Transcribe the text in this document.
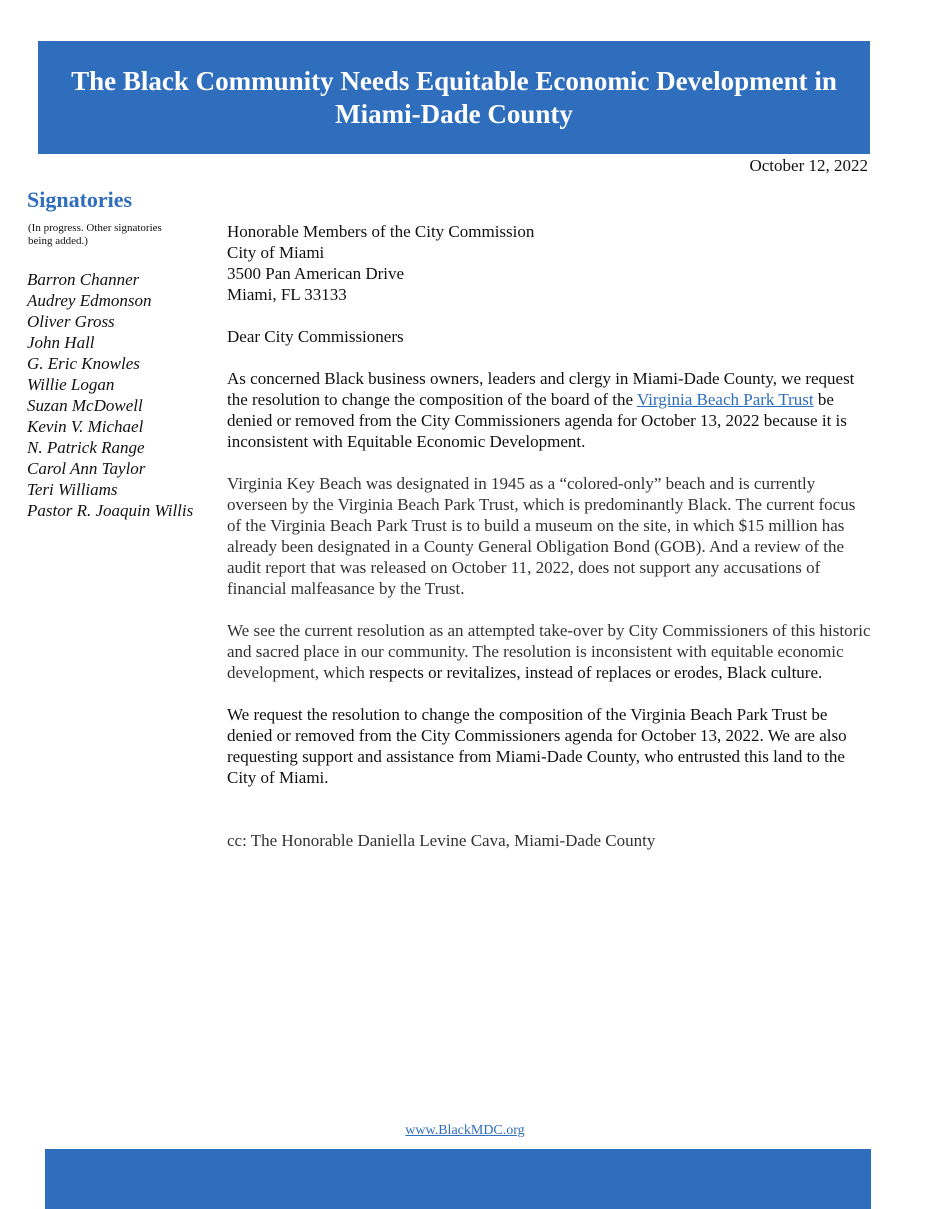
The Black Community Needs Equitable Economic Development in
Miami-Dade County
October 12, 2022
Signatories
(In progress. Other signatories
being added.)
Barron Channer
Audrey Edmonson
Oliver Gross
John Hall
G. Eric Knowles
Willie Logan
Suzan McDowell
Kevin V. Michael
N. Patrick Range
Carol Ann Taylor
Teri Williams
Pastor R. Joaquin Willis
Honorable Members of the City Commission
City of Miami
3500 Pan American Drive
Miami, FL 33133

Dear City Commissioners

As concerned Black business owners, leaders and clergy in Miami-Dade County, we request the resolution to change the composition of the board of the Virginia Beach Park Trust be denied or removed from the City Commissioners agenda for October 13, 2022 because it is inconsistent with Equitable Economic Development.

Virginia Key Beach was designated in 1945 as a “colored-only” beach and is currently overseen by the Virginia Beach Park Trust, which is predominantly Black. The current focus of the Virginia Beach Park Trust is to build a museum on the site, in which $15 million has already been designated in a County General Obligation Bond (GOB). And a review of the audit report that was released on October 11, 2022, does not support any accusations of financial malfeasance by the Trust.

We see the current resolution as an attempted take-over by City Commissioners of this historic and sacred place in our community. The resolution is inconsistent with equitable economic development, which respects or revitalizes, instead of replaces or erodes, Black culture.

We request the resolution to change the composition of the Virginia Beach Park Trust be denied or removed from the City Commissioners agenda for October 13, 2022. We are also requesting support and assistance from Miami-Dade County, who entrusted this land to the City of Miami.

cc: The Honorable Daniella Levine Cava, Miami-Dade County

www.BlackMDC.org
